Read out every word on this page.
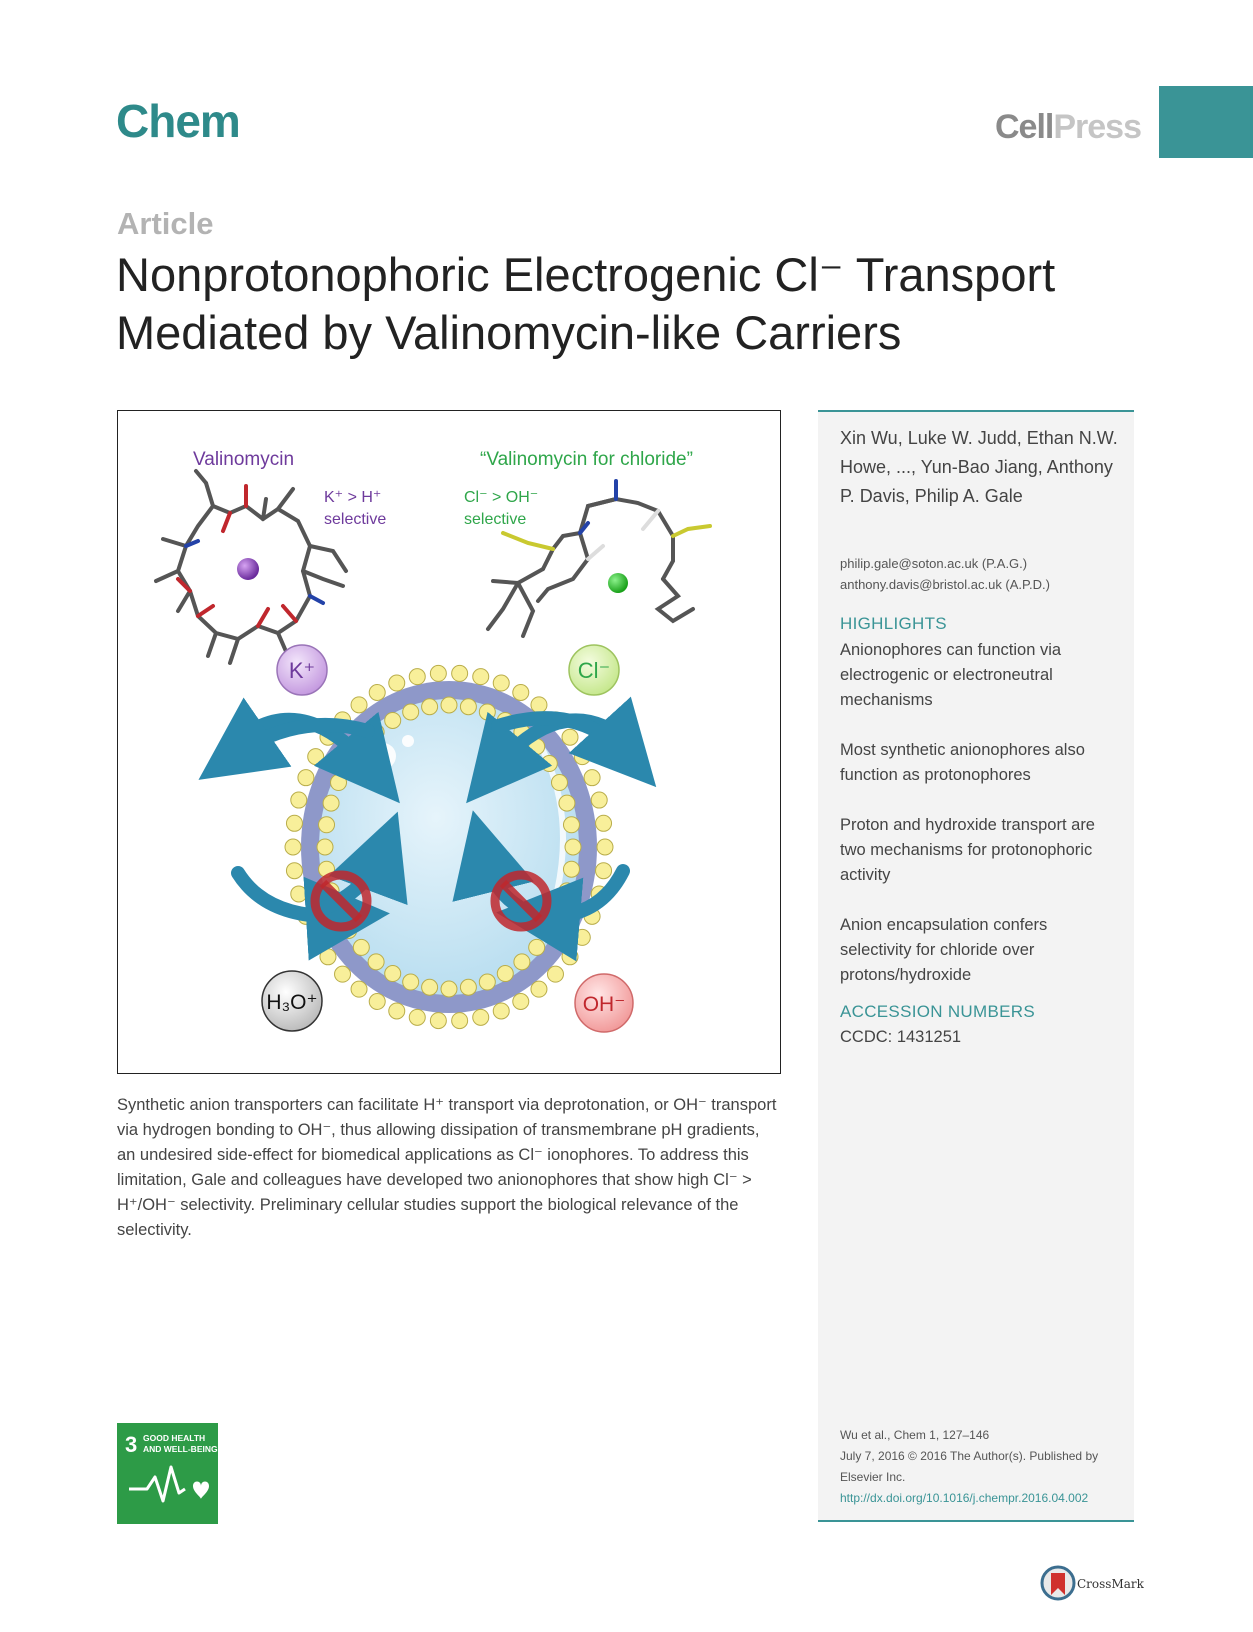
Chem	CellPress
Article
Nonprotonophoric Electrogenic Cl⁻ Transport
Mediated by Valinomycin-like Carriers
Valinomycin
K⁺ > H⁺
selective
“Valinomycin for chloride”
Cl⁻ > OH⁻
selective
K⁺	Cl⁻
H₃O⁺	OH⁻
Synthetic anion transporters can facilitate H⁺ transport via deprotonation, or OH⁻ transport via hydrogen bonding to OH⁻, thus allowing dissipation of transmembrane pH gradients, an undesired side-effect for biomedical applications as Cl⁻ ionophores. To address this limitation, Gale and colleagues have developed two anionophores that show high Cl⁻ > H⁺/OH⁻ selectivity. Preliminary cellular studies support the biological relevance of the selectivity.
Xin Wu, Luke W. Judd, Ethan N.W. Howe, ..., Yun-Bao Jiang, Anthony P. Davis, Philip A. Gale
philip.gale@soton.ac.uk (P.A.G.)
anthony.davis@bristol.ac.uk (A.P.D.)
HIGHLIGHTS

Anionophores can function via electrogenic or electroneutral mechanisms

Most synthetic anionophores also function as protonophores

Proton and hydroxide transport are two mechanisms for protonophoric activity

Anion encapsulation confers selectivity for chloride over protons/hydroxide

ACCESSION NUMBERS
CCDC: 1431251
Wu et al., Chem 1, 127–146
July 7, 2016 © 2016 The Author(s). Published by Elsevier Inc.
http://dx.doi.org/10.1016/j.chempr.2016.04.002
3 GOOD HEALTH
AND WELL-BEING
CrossMark
